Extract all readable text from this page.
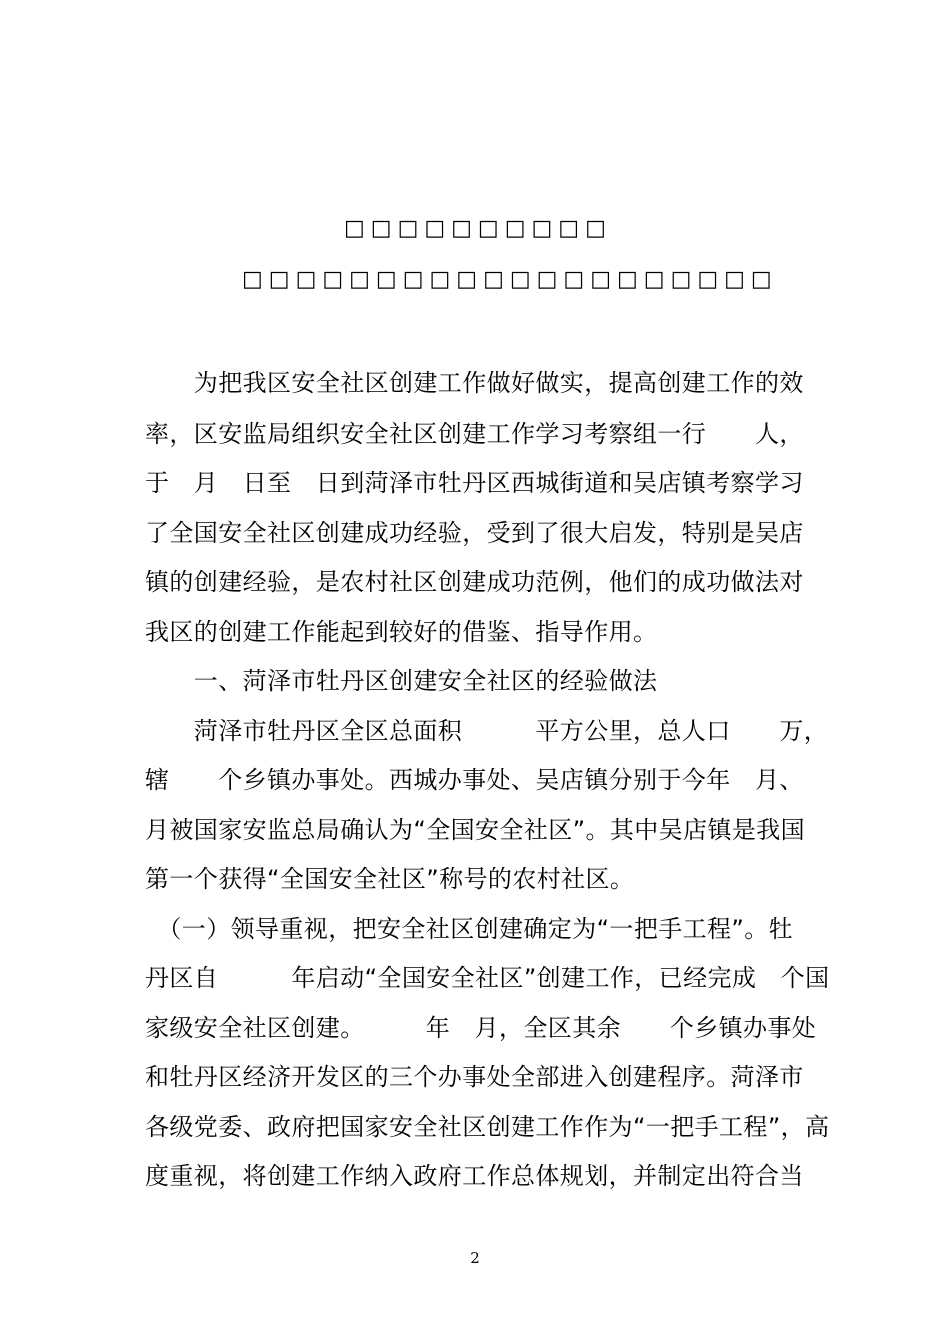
□□□□□□□□□□
□□□□□□□□□□□□□□□□□□□□
　　为把我区安全社区创建工作做好做实，提高创建工作的效
率，区安监局组织安全社区创建工作学习考察组一行　　人，
于　月　日至　日到菏泽市牡丹区西城街道和吴店镇考察学习
了全国安全社区创建成功经验，受到了很大启发，特别是吴店
镇的创建经验，是农村社区创建成功范例，他们的成功做法对
我区的创建工作能起到较好的借鉴、指导作用。
　　一、菏泽市牡丹区创建安全社区的经验做法
　　菏泽市牡丹区全区总面积　　　平方公里，总人口　　万，
辖　　个乡镇办事处。西城办事处、吴店镇分别于今年　月、
月被国家安监总局确认为“全国安全社区”。其中吴店镇是我国
第一个获得“全国安全社区”称号的农村社区。
　（一）领导重视，把安全社区创建确定为“一把手工程”。牡
丹区自　　　年启动“全国安全社区”创建工作，已经完成　个国
家级安全社区创建。　　　年　月，全区其余　　个乡镇办事处
和牡丹区经济开发区的三个办事处全部进入创建程序。菏泽市
各级党委、政府把国家安全社区创建工作作为“一把手工程”，高
度重视，将创建工作纳入政府工作总体规划，并制定出符合当
2
